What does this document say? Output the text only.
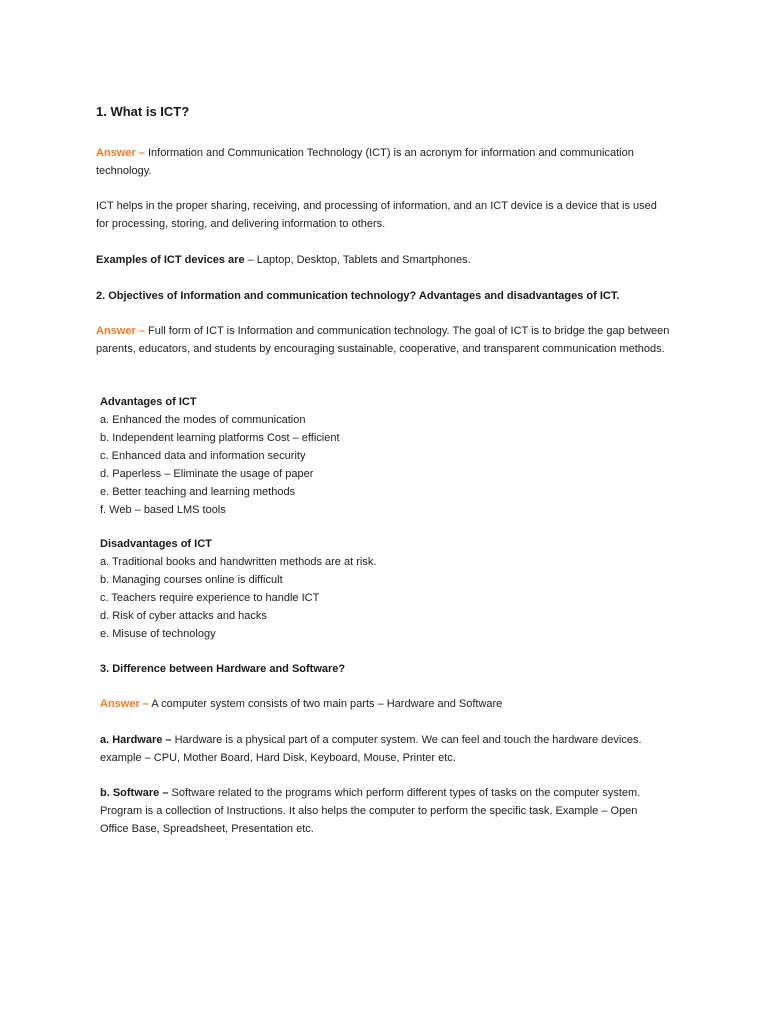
1. What is ICT?

Answer – Information and Communication Technology (ICT) is an acronym for information and communication technology.

ICT helps in the proper sharing, receiving, and processing of information, and an ICT device is a device that is used for processing, storing, and delivering information to others.

Examples of ICT devices are – Laptop, Desktop, Tablets and Smartphones.

2. Objectives of Information and communication technology? Advantages and disadvantages of ICT.

Answer – Full form of ICT is Information and communication technology. The goal of ICT is to bridge the gap between parents, educators, and students by encouraging sustainable, cooperative, and transparent communication methods.

Advantages of ICT
a. Enhanced the modes of communication
b. Independent learning platforms Cost – efficient
c. Enhanced data and information security
d. Paperless – Eliminate the usage of paper
e. Better teaching and learning methods
f. Web – based LMS tools
Disadvantages of ICT
a. Traditional books and handwritten methods are at risk.
b. Managing courses online is difficult
c. Teachers require experience to handle ICT
d. Risk of cyber attacks and hacks
e. Misuse of technology
3. Difference between Hardware and Software?

Answer – A computer system consists of two main parts – Hardware and Software

a. Hardware – Hardware is a physical part of a computer system. We can feel and touch the hardware devices. example – CPU, Mother Board, Hard Disk, Keyboard, Mouse, Printer etc.

b. Software – Software related to the programs which perform different types of tasks on the computer system. Program is a collection of Instructions. It also helps the computer to perform the specific task. Example – Open Office Base, Spreadsheet, Presentation etc.
